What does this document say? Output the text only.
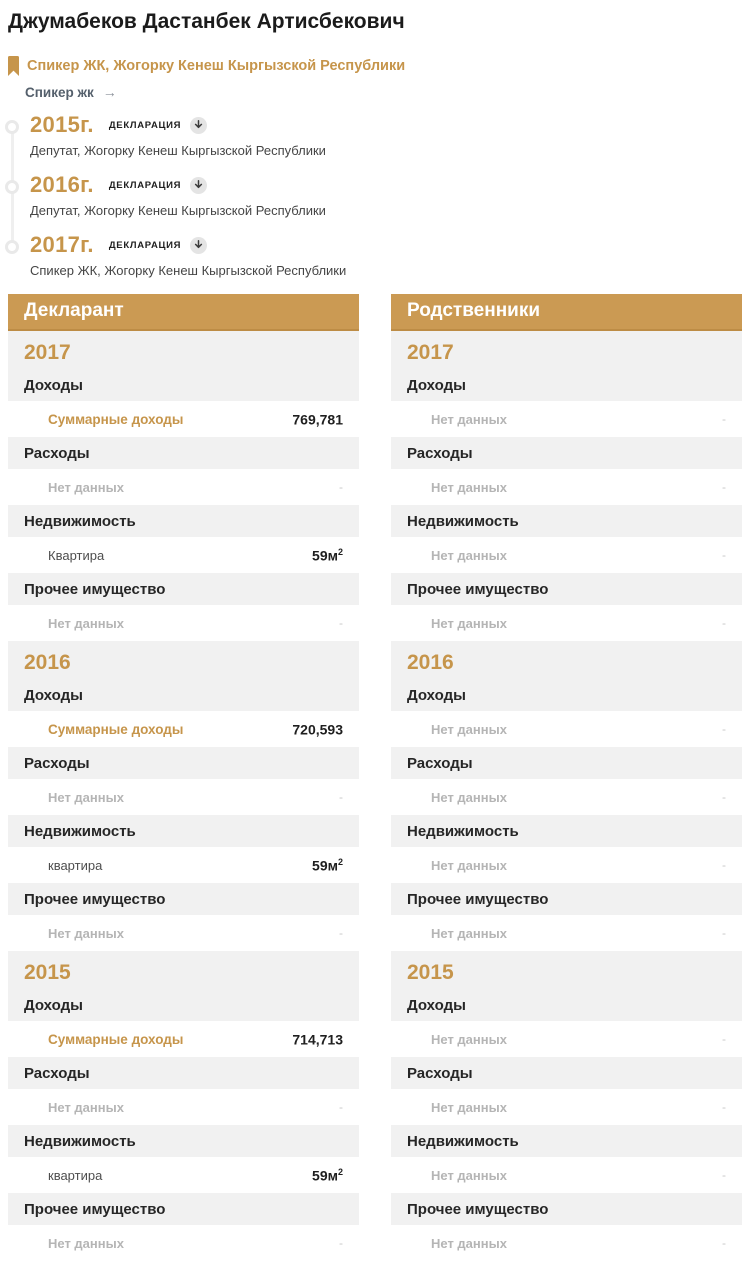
Джумабеков Дастанбек Артисбекович
Спикер ЖК, Жогорку Кенеш Кыргызской Республики
Спикер жк →
2015г. ДЕКЛАРАЦИЯ
Депутат, Жогорку Кенеш Кыргызской Республики
2016г. ДЕКЛАРАЦИЯ
Депутат, Жогорку Кенеш Кыргызской Республики
2017г. ДЕКЛАРАЦИЯ
Спикер ЖК, Жогорку Кенеш Кыргызской Республики
Декларант
2017
Доходы
Суммарные доходы	769,781
Расходы
Нет данных	-
Недвижимость
Квартира	$59м^2$
Прочее имущество
Нет данных	-
2016
Доходы
Суммарные доходы	720,593
Расходы
Нет данных	-
Недвижимость
квартира	$59м^2$
Прочее имущество
Нет данных	-
2015
Доходы
Суммарные доходы	714,713
Расходы
Нет данных	-
Недвижимость
квартира	$59м^2$
Прочее имущество
Нет данных	-
Родственники
2017
Доходы
Нет данных	-
Расходы
Нет данных	-
Недвижимость
Нет данных	-
Прочее имущество
Нет данных	-
2016
Доходы
Нет данных	-
Расходы
Нет данных	-
Недвижимость
Нет данных	-
Прочее имущество
Нет данных	-
2015
Доходы
Нет данных	-
Расходы
Нет данных	-
Недвижимость
Нет данных	-
Прочее имущество
Нет данных	-
